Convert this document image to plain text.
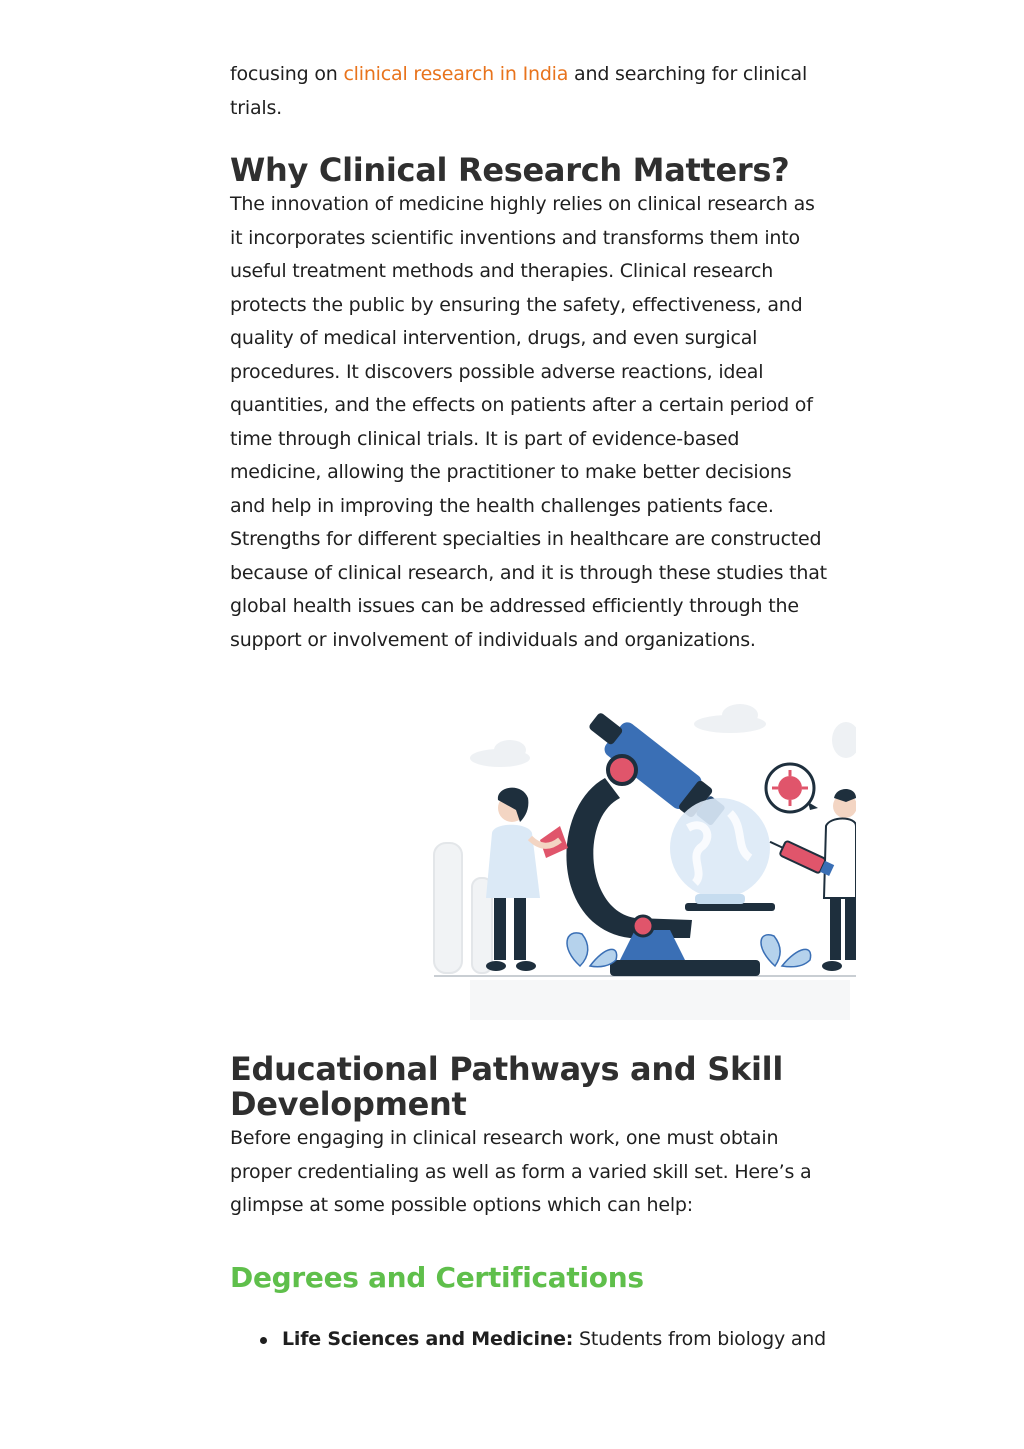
focusing on clinical research in India and searching for clinical trials.

Why Clinical Research Matters?

The innovation of medicine highly relies on clinical research as it incorporates scientific inventions and transforms them into useful treatment methods and therapies. Clinical research protects the public by ensuring the safety, effectiveness, and quality of medical intervention, drugs, and even surgical procedures. It discovers possible adverse reactions, ideal quantities, and the effects on patients after a certain period of time through clinical trials. It is part of evidence-based medicine, allowing the practitioner to make better decisions and help in improving the health challenges patients face. Strengths for different specialties in healthcare are constructed because of clinical research, and it is through these studies that global health issues can be addressed efficiently through the support or involvement of individuals and organizations.

Educational Pathways and Skill Development

Before engaging in clinical research work, one must obtain proper credentialing as well as form a varied skill set. Here’s a glimpse at some possible options which can help:

Degrees and Certifications
Life Sciences and Medicine: Students from biology and
